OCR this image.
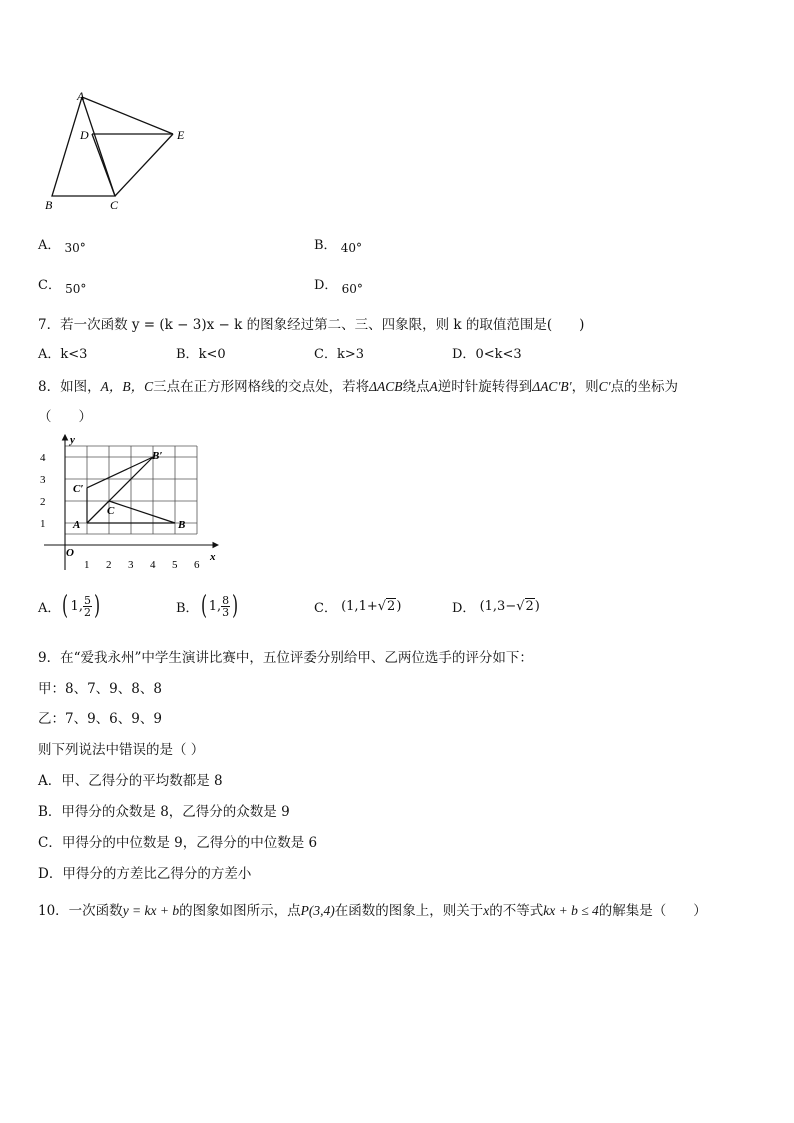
A
D	E
B	C
A． 30°	B． 40°
C． 50°	D． 60°
7．若一次函数 y = (k − 3)x − k 的图象经过第二、三、四象限，则 k 的取值范围是(　　)
A．k<3	B．k<0	C．k>3	D．0<k<3
8．如图，A，B，C三点在正方形网格线的交点处，若将ΔACB绕点A逆时针旋转得到ΔAC′B′，则C′点的坐标为
（　　）
y
x
O
1 2 3 4 5 6
1
2
3
4
A	B
C
B′
C′
A． ( 1, $\frac{5}{2}$ )	B． ( 1, $\frac{8}{3}$ )	C．
(1,1+ √2 )	D．
(1,3− √2 )
9．在“爱我永州”中学生演讲比赛中，五位评委分别给甲、乙两位选手的评分如下：
甲：8、7、9、8、8
乙：7、9、6、9、9
则下列说法中错误的是（ ）
A．甲、乙得分的平均数都是 8
B．甲得分的众数是 8，乙得分的众数是 9
C．甲得分的中位数是 9，乙得分的中位数是 6
D．甲得分的方差比乙得分的方差小
10．一次函数y = kx + b的图象如图所示，点P(3,4)在函数的图象上，则关于x的不等式kx + b ≤ 4的解集是（　　）
